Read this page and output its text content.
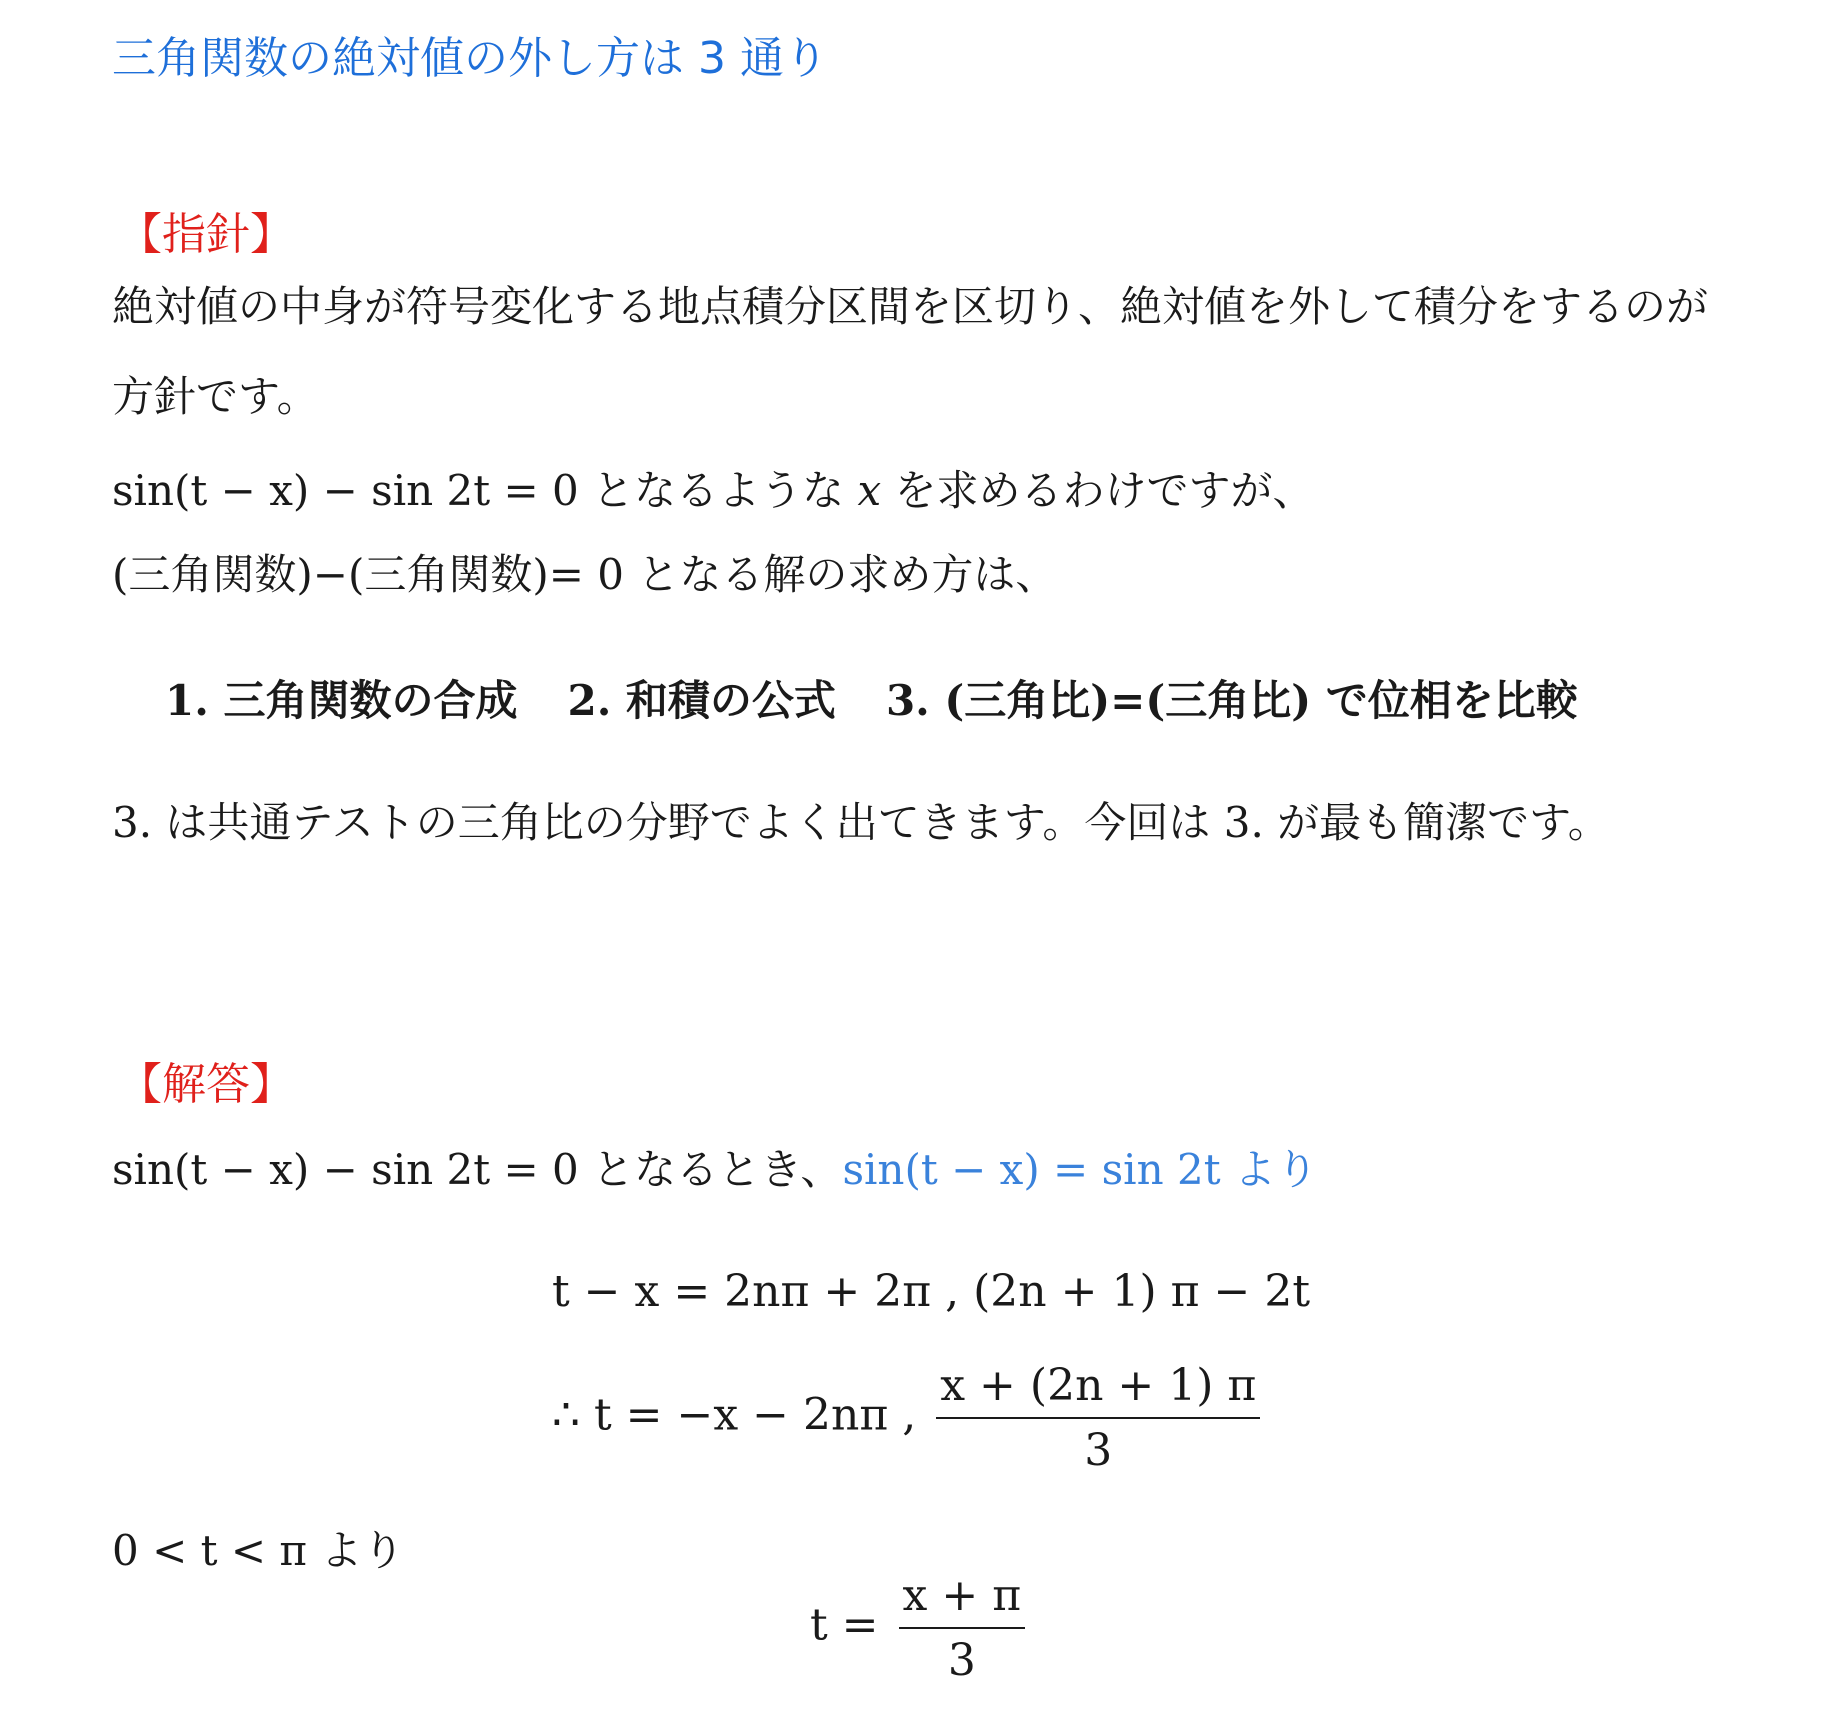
三角関数の絶対値の外し方は 3 通り
【指針】
絶対値の中身が符号変化する地点積分区間を区切り、絶対値を外して積分をするのが方針です。
sin(t − x) − sin 2t = 0 となるような x を求めるわけですが、
(三角関数)−(三角関数)= 0 となる解の求め方は、
1. 三角関数の合成 2. 和積の公式 3. (三角比)=(三角比) で位相を比較
3. は共通テストの三角比の分野でよく出てきます。今回は 3. が最も簡潔です。
【解答】
sin(t − x) − sin 2t = 0 となるとき、sin(t − x) = sin 2t より
t − x = 2nπ + 2π , (2n + 1) π − 2t
∴ t = −x − 2nπ , $\frac{x + (2n + 1) \pi}{3}$
0 < t < π より
$t = \frac{x + \pi}{3}$
